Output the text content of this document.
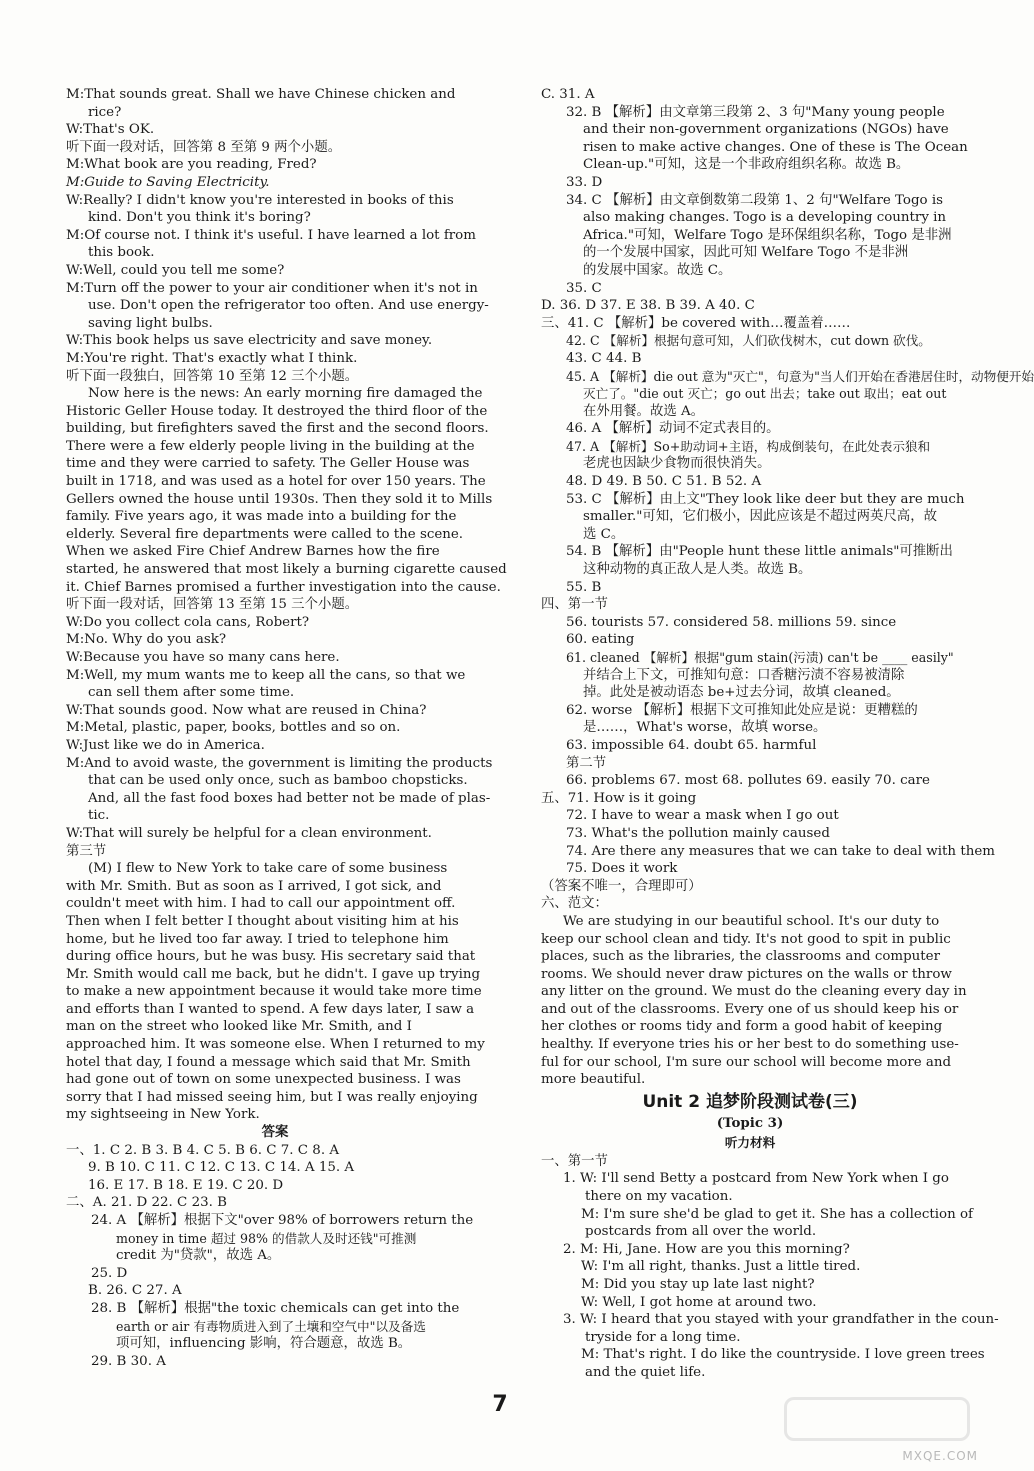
M:That sounds great. Shall we have Chinese chicken and
rice?
W:That's OK.
听下面一段对话，回答第 8 至第 9 两个小题。
M:What book are you reading, Fred?
M:Guide to Saving Electricity.
W:Really? I didn't know you're interested in books of this
kind. Don't you think it's boring?
M:Of course not. I think it's useful. I have learned a lot from
this book.
W:Well, could you tell me some?
M:Turn off the power to your air conditioner when it's not in
use. Don't open the refrigerator too often. And use energy-
saving light bulbs.
W:This book helps us save electricity and save money.
M:You're right. That's exactly what I think.
听下面一段独白，回答第 10 至第 12 三个小题。
Now here is the news: An early morning fire damaged the
Historic Geller House today. It destroyed the third floor of the
building, but firefighters saved the first and the second floors.
There were a few elderly people living in the building at the
time and they were carried to safety. The Geller House was
built in 1718, and was used as a hotel for over 150 years. The
Gellers owned the house until 1930s. Then they sold it to Mills
family. Five years ago, it was made into a building for the
elderly. Several fire departments were called to the scene.
When we asked Fire Chief Andrew Barnes how the fire
started, he answered that most likely a burning cigarette caused
it. Chief Barnes promised a further investigation into the cause.
听下面一段对话，回答第 13 至第 15 三个小题。
W:Do you collect cola cans, Robert?
M:No. Why do you ask?
W:Because you have so many cans here.
M:Well, my mum wants me to keep all the cans, so that we
can sell them after some time.
W:That sounds good. Now what are reused in China?
M:Metal, plastic, paper, books, bottles and so on.
W:Just like we do in America.
M:And to avoid waste, the government is limiting the products
that can be used only once, such as bamboo chopsticks.
And, all the fast food boxes had better not be made of plas-
tic.
W:That will surely be helpful for a clean environment.
第三节
(M) I flew to New York to take care of some business
with Mr. Smith. But as soon as I arrived, I got sick, and
couldn't meet with him. I had to call our appointment off.
Then when I felt better I thought about visiting him at his
home, but he lived too far away. I tried to telephone him
during office hours, but he was busy. His secretary said that
Mr. Smith would call me back, but he didn't. I gave up trying
to make a new appointment because it would take more time
and efforts than I wanted to spend. A few days later, I saw a
man on the street who looked like Mr. Smith, and I
approached him. It was someone else. When I returned to my
hotel that day, I found a message which said that Mr. Smith
had gone out of town on some unexpected business. I was
sorry that I had missed seeing him, but I was really enjoying
my sightseeing in New York.
答案
一、1. C 2. B 3. B 4. C 5. B 6. C 7. C 8. A
9. B 10. C 11. C 12. C 13. C 14. A 15. A
16. E 17. B 18. E 19. C 20. D
二、A. 21. D 22. C 23. B
24. A 【解析】根据下文"over 98% of borrowers return the
money in time 超过 98% 的借款人及时还钱"可推测
credit 为"贷款"，故选 A。
25. D
B. 26. C 27. A
28. B 【解析】根据"the toxic chemicals can get into the
earth or air 有毒物质进入到了土壤和空气中"以及备选
项可知，influencing 影响，符合题意，故选 B。
29. B 30. A
C. 31. A
32. B 【解析】由文章第三段第 2、3 句"Many young people
and their non-government organizations (NGOs) have
risen to make active changes. One of these is The Ocean
Clean-up."可知，这是一个非政府组织名称。故选 B。
33. D
34. C 【解析】由文章倒数第二段第 1、2 句"Welfare Togo is
also making changes. Togo is a developing country in
Africa."可知，Welfare Togo 是环保组织名称，Togo 是非洲
的一个发展中国家，因此可知 Welfare Togo 不是非洲
的发展中国家。故选 C。
35. C
D. 36. D 37. E 38. B 39. A 40. C
三、41. C 【解析】be covered with…覆盖着……
42. C 【解析】根据句意可知，人们砍伐树木，cut down 砍伐。
43. C 44. B
45. A 【解析】die out 意为"灭亡"，句意为"当人们开始在香港居住时，动物便开始
灭亡了。"die out 灭亡；go out 出去；take out 取出；eat out
在外用餐。故选 A。
46. A 【解析】动词不定式表目的。
47. A 【解析】So+助动词+主语，构成倒装句，在此处表示狼和
老虎也因缺少食物而很快消失。
48. D 49. B 50. C 51. B 52. A
53. C 【解析】由上文"They look like deer but they are much
smaller."可知，它们极小，因此应该是不超过两英尺高，故
选 C。
54. B 【解析】由"People hunt these little animals"可推断出
这种动物的真正敌人是人类。故选 B。
55. B
四、第一节
56. tourists 57. considered 58. millions 59. since
60. eating
61. cleaned 【解析】根据"gum stain(污渍) can't be ____ easily"
并结合上下文，可推知句意：口香糖污渍不容易被清除
掉。此处是被动语态 be+过去分词，故填 cleaned。
62. worse 【解析】根据下文可推知此处应是说：更糟糕的
是……，What's worse，故填 worse。
63. impossible 64. doubt 65. harmful
第二节
66. problems 67. most 68. pollutes 69. easily 70. care
五、71. How is it going
72. I have to wear a mask when I go out
73. What's the pollution mainly caused
74. Are there any measures that we can take to deal with them
75. Does it work
（答案不唯一，合理即可）
六、范文：
We are studying in our beautiful school. It's our duty to
keep our school clean and tidy. It's not good to spit in public
places, such as the libraries, the classrooms and computer
rooms. We should never draw pictures on the walls or throw
any litter on the ground. We must do the cleaning every day in
and out of the classrooms. Every one of us should keep his or
her clothes or rooms tidy and form a good habit of keeping
healthy. If everyone tries his or her best to do something use-
ful for our school, I'm sure our school will become more and
more beautiful.
Unit 2 追梦阶段测试卷(三)
(Topic 3)
听力材料
一、第一节
1. W: I'll send Betty a postcard from New York when I go
there on my vacation.
M: I'm sure she'd be glad to get it. She has a collection of
postcards from all over the world.
2. M: Hi, Jane. How are you this morning?
W: I'm all right, thanks. Just a little tired.
M: Did you stay up late last night?
W: Well, I got home at around two.
3. W: I heard that you stayed with your grandfather in the coun-
tryside for a long time.
M: That's right. I do like the countryside. I love green trees
and the quiet life.
7
MXQE.COM
